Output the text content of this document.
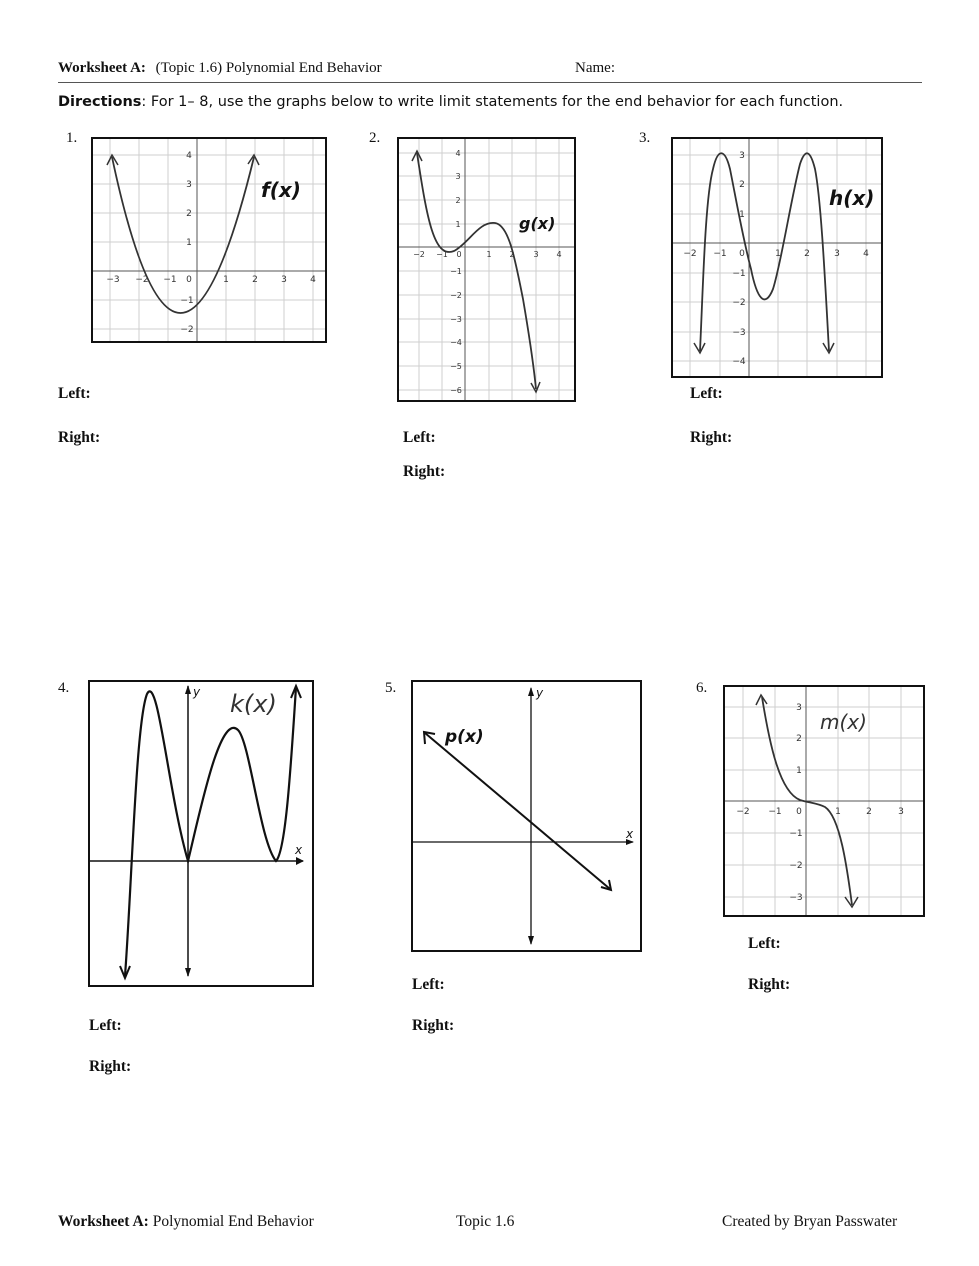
Worksheet A: (Topic 1.6) Polynomial End Behavior	Name:
Directions: For 1– 8, use the graphs below to write limit statements for the end behavior for each function.
1.	2.	3.
4.	5.	6.
−3 −2 −1 0	1	2	3	4
4
3
2
1
−1
−2
f(x)
−2 −1 0	1 2 3 4
4
3
2
1
−1
−2
−3
−4
−5
−6
g(x)
−2 −1 0	1	2	3	4
3
2
1
−1
−2
−3
−4
h(x)
y
x
k(x)	y
x
p(x)
−2 −1 0	1	2	3
3
2
1
−1
−2
−3
m(x)
Left:
Right:	Left:
Right:
Left:
Right:
Left:
Right:
Left:
Right:
Left:
Right:
Worksheet A: Polynomial End Behavior	Topic 1.6	Created by Bryan Passwater
